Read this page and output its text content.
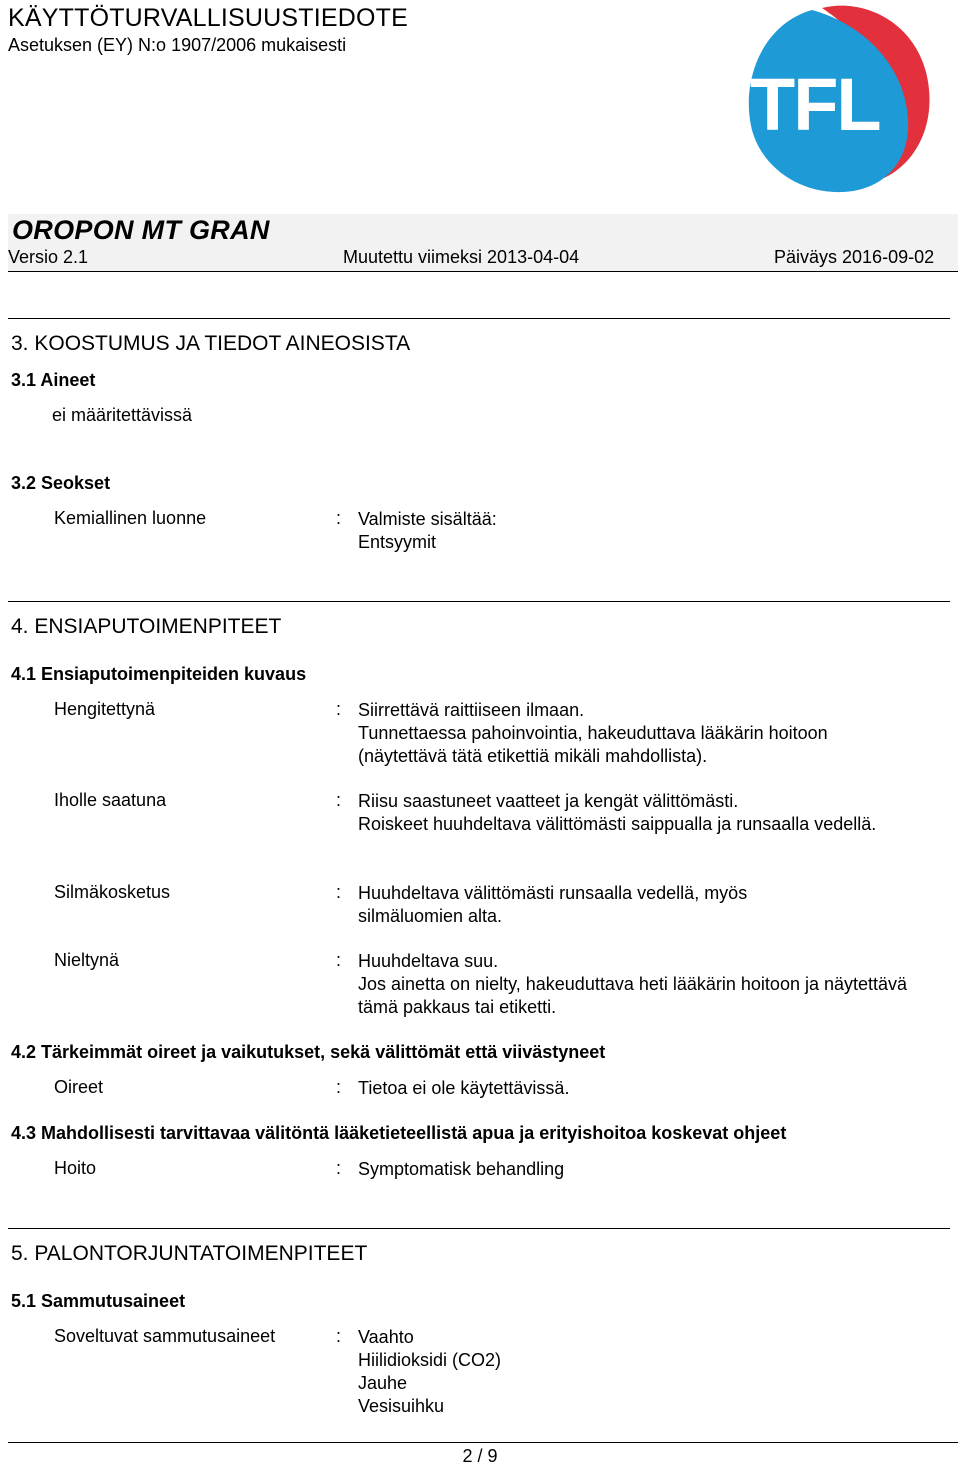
KÄYTTÖTURVALLISUUSTIEDOTE
Asetuksen (EY) N:o 1907/2006 mukaisesti
TFL
OROPON MT GRAN
Versio 2.1	Muutettu viimeksi 2013-04-04	Päiväys 2016-09-02
3. KOOSTUMUS JA TIEDOT AINEOSISTA
3.1 Aineet
ei määritettävissä
3.2 Seokset
Kemiallinen luonne	: Valmiste sisältää:
Entsyymit
4. ENSIAPUTOIMENPITEET
4.1 Ensiaputoimenpiteiden kuvaus
Hengitettynä	: Siirrettävä raittiiseen ilmaan.
Tunnettaessa pahoinvointia, hakeuduttava lääkärin hoitoon (näytettävä tätä etikettiä mikäli mahdollista).
Iholle saatuna	: Riisu saastuneet vaatteet ja kengät välittömästi.
Roiskeet huuhdeltava välittömästi saippualla ja runsaalla vedellä.
Silmäkosketus	: Huuhdeltava välittömästi runsaalla vedellä, myös silmäluomien alta.
Nieltynä	: Huuhdeltava suu.
Jos ainetta on nielty, hakeuduttava heti lääkärin hoitoon ja näytettävä tämä pakkaus tai etiketti.
4.2 Tärkeimmät oireet ja vaikutukset, sekä välittömät että viivästyneet
Oireet	: Tietoa ei ole käytettävissä.
4.3 Mahdollisesti tarvittavaa välitöntä lääketieteellistä apua ja erityishoitoa koskevat ohjeet
Hoito	: Symptomatisk behandling
5. PALONTORJUNTATOIMENPITEET
5.1 Sammutusaineet
Soveltuvat sammutusaineet	: Vaahto
Hiilidioksidi (CO2)
Jauhe
Vesisuihku
2 / 9
